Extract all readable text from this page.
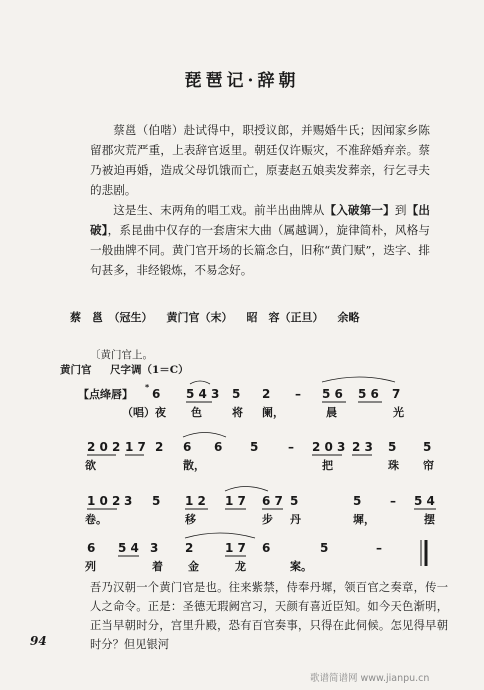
琵琶记·辞朝
蔡邕（伯喈）赴试得中，职授议郎，并赐婚牛氏；因闻家乡陈留郡灾荒严重，上表辞官返里。朝廷仅许赈灾，不准辞婚弃亲。蔡乃被迫再婚，造成父母饥饿而亡，原妻赵五娘卖发葬亲，行乞寻夫的悲剧。
这是生、末两角的唱工戏。前半出曲牌从【入破第一】到【出破】，系昆曲中仅存的一套唐宋大曲（属越调），旋律简朴，风格与一般曲牌不同。黄门官开场的长篇念白，旧称“黄门赋”，迭字、排句甚多，非经锻炼，不易念好。
蔡　邕　（冠生） 黄门官（末） 昭　容（正旦） 余略
〔黄门官上。
黄门官 尺字调（1＝C）
【点绛唇】
* 6 5 4 3 5 2 – 5 6 5 6 7
（唱）夜 色	将 阑，	晨	光
2 0 2 1 7 2 6 6 5 – 2 0 3 2 3 5 5
欲	散，	把	珠 帘
1 0 2 3 5 1 2 1 7 6 7 5	5 – 5 4
卷。	移	步 丹	墀，	摆
6 5 4 3 2	1 7 6	5	–
列	着 金	龙	案。
吾乃汉朝一个黄门官是也。往来紫禁，侍奉丹墀，领百官之奏章，传一人之命令。正是：圣德无瑕阙宫习，天颜有喜近臣知。如今天色渐明，正当早朝时分，宫里升殿，恐有百官奏事，只得在此伺候。怎见得早朝时分？但见银河
94
歌谱简谱网 www.jianpu.cn
